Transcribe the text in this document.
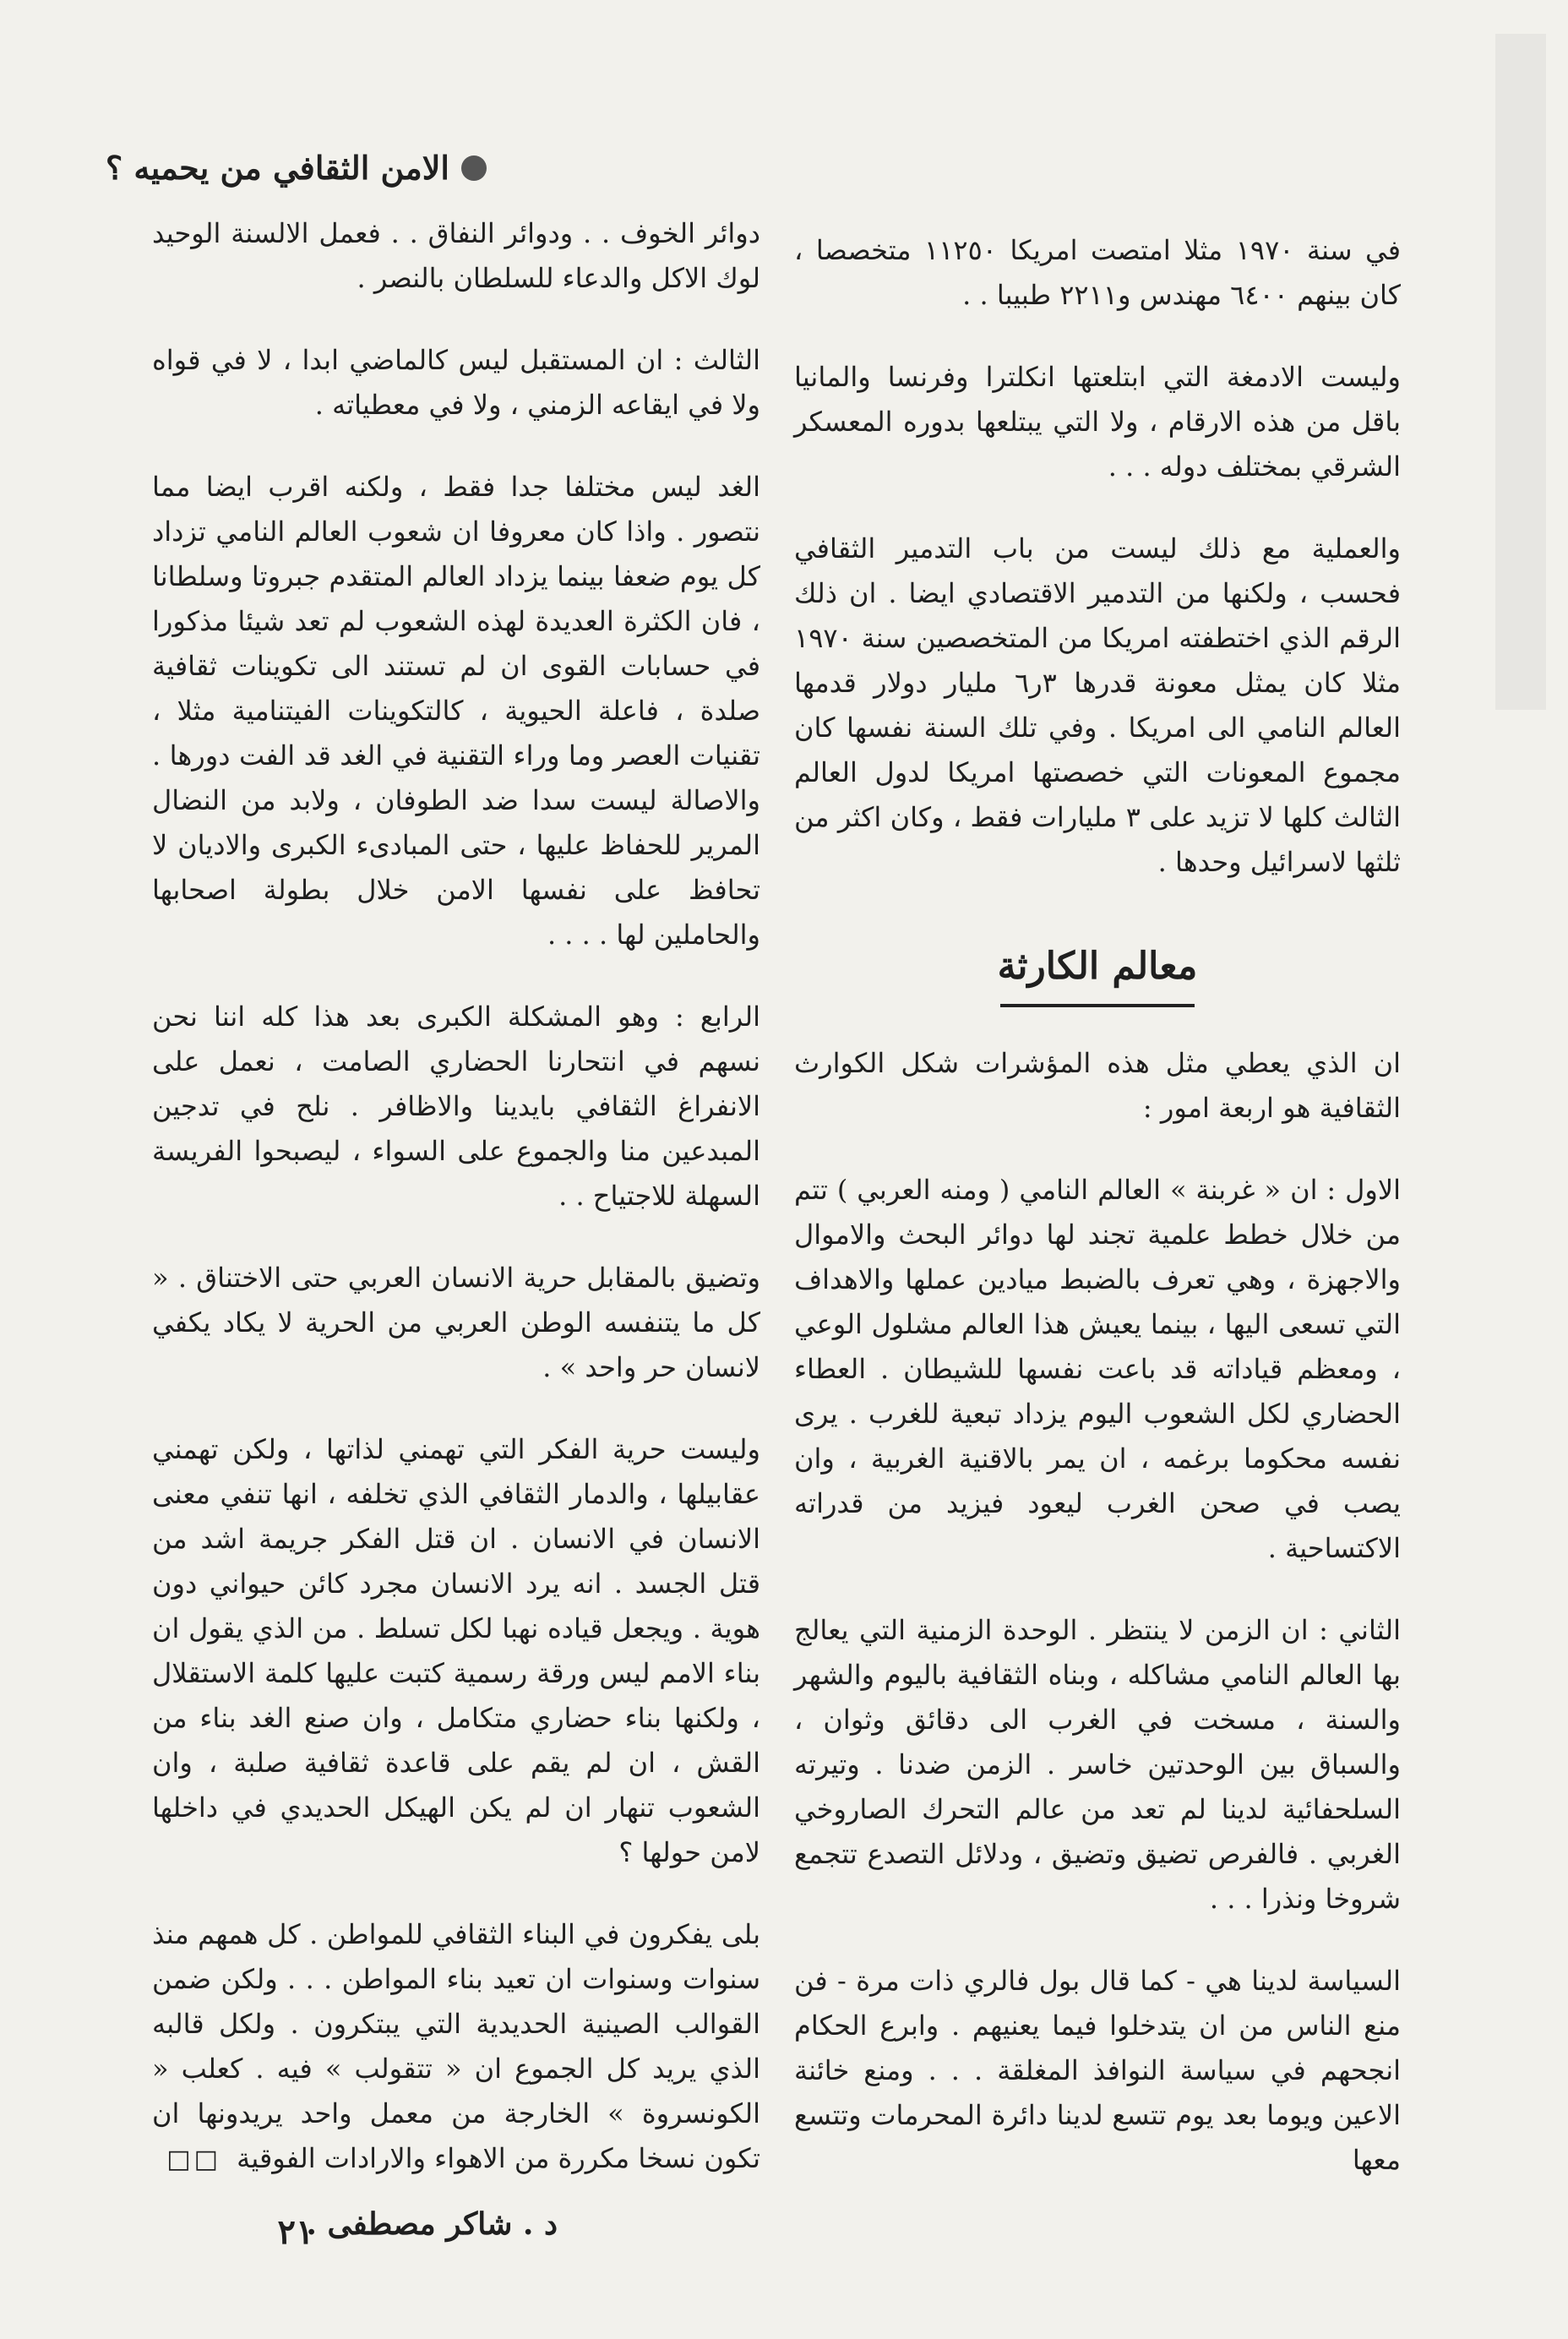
الامن الثقافي من يحميه ؟

في سنة ١٩٧٠ مثلا امتصت امريكا ١١٢٥٠ متخصصا ، كان بينهم ٦٤٠٠ مهندس و٢٢١١ طبيبا . .

وليست الادمغة التي ابتلعتها انكلترا وفرنسا والمانيا باقل من هذه الارقام ، ولا التي يبتلعها بدوره المعسكر الشرقي بمختلف دوله . . .

والعملية مع ذلك ليست من باب التدمير الثقافي فحسب ، ولكنها من التدمير الاقتصادي ايضا . ان ذلك الرقم الذي اختطفته امريكا من المتخصصين سنة ١٩٧٠ مثلا كان يمثل معونة قدرها ٣ر٦ مليار دولار قدمها العالم النامي الى امريكا . وفي تلك السنة نفسها كان مجموع المعونات التي خصصتها امريكا لدول العالم الثالث كلها لا تزيد على ٣ مليارات فقط ، وكان اكثر من ثلثها لاسرائيل وحدها .

معالم الكارثة

ان الذي يعطي مثل هذه المؤشرات شكل الكوارث الثقافية هو اربعة امور :

الاول : ان « غربنة » العالم النامي ( ومنه العربي ) تتم من خلال خطط علمية تجند لها دوائر البحث والاموال والاجهزة ، وهي تعرف بالضبط ميادين عملها والاهداف التي تسعى اليها ، بينما يعيش هذا العالم مشلول الوعي ، ومعظم قياداته قد باعت نفسها للشيطان . العطاء الحضاري لكل الشعوب اليوم يزداد تبعية للغرب . يرى نفسه محكوما برغمه ، ان يمر بالاقنية الغربية ، وان يصب في صحن الغرب ليعود فيزيد من قدراته الاكتساحية .

الثاني : ان الزمن لا ينتظر . الوحدة الزمنية التي يعالج بها العالم النامي مشاكله ، وبناه الثقافية باليوم والشهر والسنة ، مسخت في الغرب الى دقائق وثوان ، والسباق بين الوحدتين خاسر . الزمن ضدنا . وتيرته السلحفائية لدينا لم تعد من عالم التحرك الصاروخي الغربي . فالفرص تضيق وتضيق ، ودلائل التصدع تتجمع شروخا ونذرا . . .

السياسة لدينا هي - كما قال بول فالري ذات مرة - فن منع الناس من ان يتدخلوا فيما يعنيهم . وابرع الحكام انجحهم في سياسة النوافذ المغلقة . . . ومنع خائنة الاعين ويوما بعد يوم تتسع لدينا دائرة المحرمات وتتسع معها

دوائر الخوف . . ودوائر النفاق . . فعمل الالسنة الوحيد لوك الاكل والدعاء للسلطان بالنصر .

الثالث : ان المستقبل ليس كالماضي ابدا ، لا في قواه ولا في ايقاعه الزمني ، ولا في معطياته .

الغد ليس مختلفا جدا فقط ، ولكنه اقرب ايضا مما نتصور . واذا كان معروفا ان شعوب العالم النامي تزداد كل يوم ضعفا بينما يزداد العالم المتقدم جبروتا وسلطانا ، فان الكثرة العديدة لهذه الشعوب لم تعد شيئا مذكورا في حسابات القوى ان لم تستند الى تكوينات ثقافية صلدة ، فاعلة الحيوية ، كالتكوينات الفيتنامية مثلا ، تقنيات العصر وما وراء التقنية في الغد قد الفت دورها . والاصالة ليست سدا ضد الطوفان ، ولابد من النضال المرير للحفاظ عليها ، حتى المبادىء الكبرى والاديان لا تحافظ على نفسها الامن خلال بطولة اصحابها والحاملين لها . . . .

الرابع : وهو المشكلة الكبرى بعد هذا كله اننا نحن نسهم في انتحارنا الحضاري الصامت ، نعمل على الانفراغ الثقافي بايدينا والاظافر . نلح في تدجين المبدعين منا والجموع على السواء ، ليصبحوا الفريسة السهلة للاجتياح . .

وتضيق بالمقابل حرية الانسان العربي حتى الاختناق . « كل ما يتنفسه الوطن العربي من الحرية لا يكاد يكفي لانسان حر واحد » .

وليست حرية الفكر التي تهمني لذاتها ، ولكن تهمني عقابيلها ، والدمار الثقافي الذي تخلفه ، انها تنفي معنى الانسان في الانسان . ان قتل الفكر جريمة اشد من قتل الجسد . انه يرد الانسان مجرد كائن حيواني دون هوية . ويجعل قياده نهبا لكل تسلط . من الذي يقول ان بناء الامم ليس ورقة رسمية كتبت عليها كلمة الاستقلال ، ولكنها بناء حضاري متكامل ، وان صنع الغد بناء من القش ، ان لم يقم على قاعدة ثقافية صلبة ، وان الشعوب تنهار ان لم يكن الهيكل الحديدي في داخلها لامن حولها ؟

بلى يفكرون في البناء الثقافي للمواطن . كل همهم منذ سنوات وسنوات ان تعيد بناء المواطن . . . ولكن ضمن القوالب الصينية الحديدية التي يبتكرون . ولكل قالبه الذي يريد كل الجموع ان « تتقولب » فيه . كعلب « الكونسروة » الخارجة من معمل واحد يريدونها ان تكون نسخا مكررة من الاهواء والارادات الفوقية □□

د . شاكر مصطفى .
٢١
